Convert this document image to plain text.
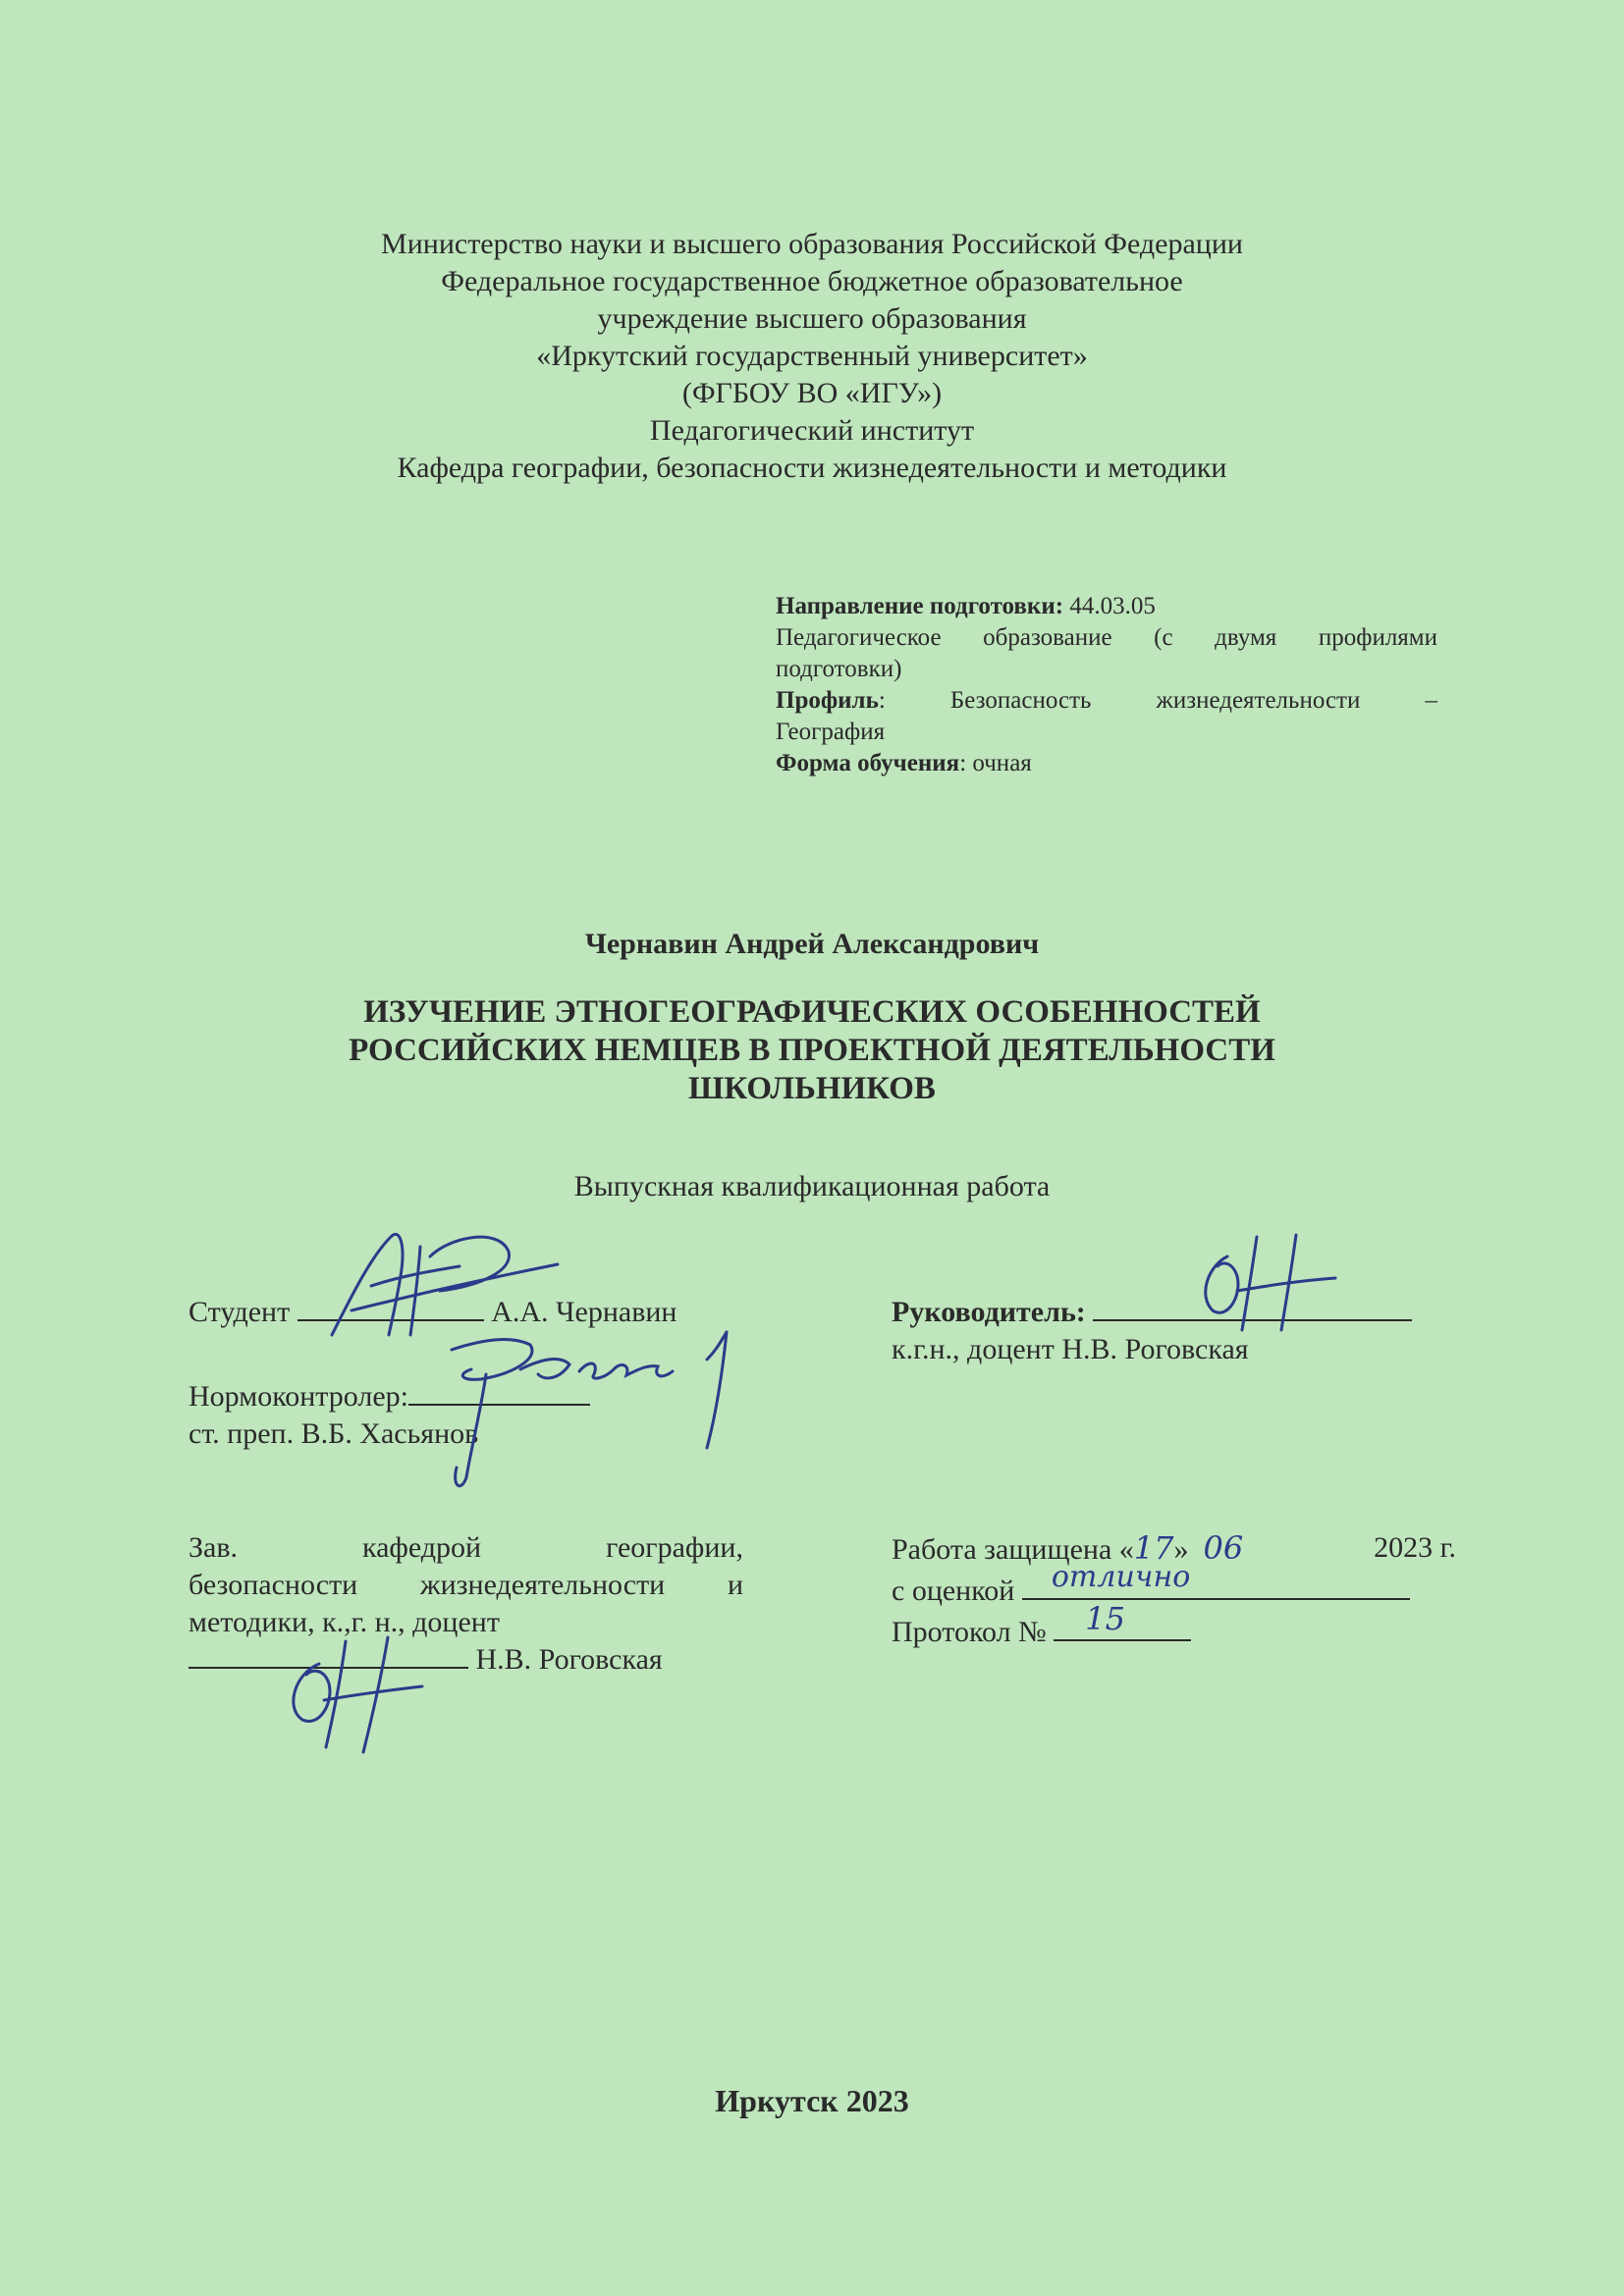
Министерство науки и высшего образования Российской Федерации
Федеральное государственное бюджетное образовательное
учреждение высшего образования
«Иркутский государственный университет»
(ФГБОУ ВО «ИГУ»)
Педагогический институт
Кафедра географии, безопасности жизнедеятельности и методики
Направление подготовки: 44.03.05
Педагогическое образование (с двумя профилями
подготовки)
Профиль: Безопасность жизнедеятельности –
География
Форма обучения: очная
Чернавин Андрей Александрович
ИЗУЧЕНИЕ ЭТНОГЕОГРАФИЧЕСКИХ ОСОБЕННОСТЕЙ
РОССИЙСКИХ НЕМЦЕВ В ПРОЕКТНОЙ ДЕЯТЕЛЬНОСТИ
ШКОЛЬНИКОВ
Выпускная квалификационная работа
Студент	А.А. Чернавин	Руководитель:
к.г.н., доцент Н.В. Роговская
Нормоконтролер:
ст. преп. В.Б. Хасьянов
Зав.	кафедрой	географии,
безопасности жизнедеятельности и
методики, к.,г. н., доцент
Н.В. Роговская
Работа защищена «17» 06	2023 г.
с оценкой отлично
Протокол № 15
Иркутск 2023
